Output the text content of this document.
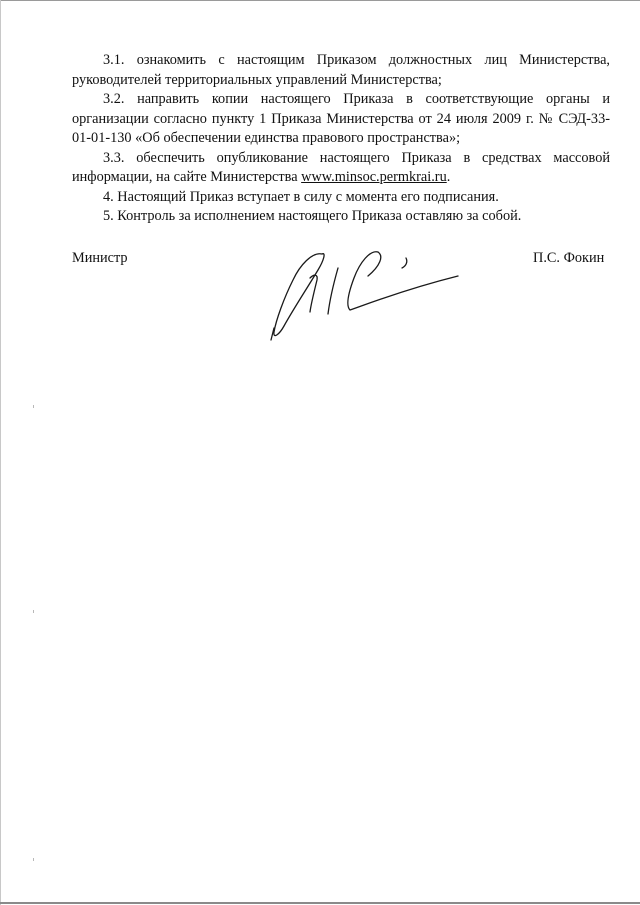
3.1. ознакомить с настоящим Приказом должностных лиц Министерства, руководителей территориальных управлений Министерства;

3.2. направить копии настоящего Приказа в соответствующие органы и организации согласно пункту 1 Приказа Министерства от 24 июля 2009 г. № СЭД-33-01-01-130 «Об обеспечении единства правового пространства»;

3.3. обеспечить опубликование настоящего Приказа в средствах массовой информации, на сайте Министерства www.minsoc.permkrai.ru.

4. Настоящий Приказ вступает в силу с момента его подписания.

5. Контроль за исполнением настоящего Приказа оставляю за собой.

Министр	П.С. Фокин
